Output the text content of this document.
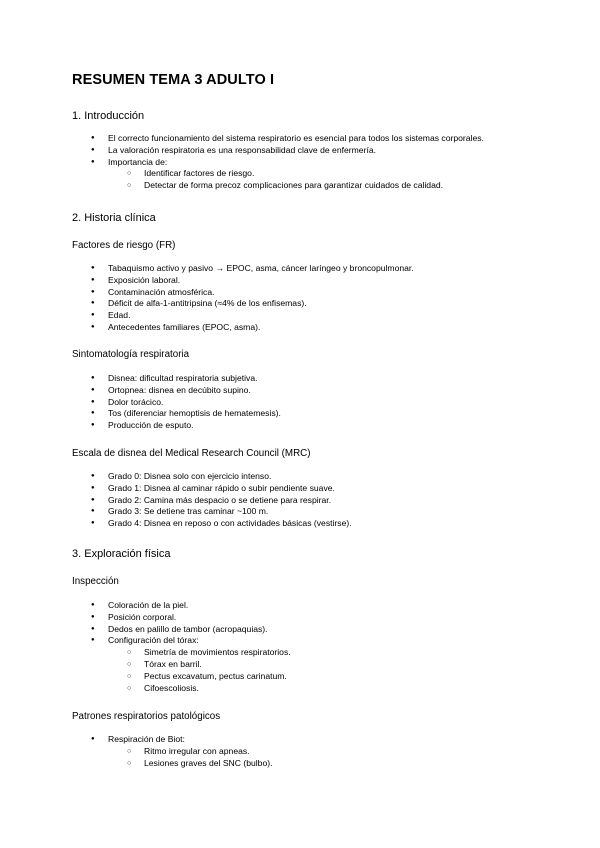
RESUMEN TEMA 3 ADULTO I
1. Introducción
● El correcto funcionamiento del sistema respiratorio es esencial para todos los sistemas corporales.
● La valoración respiratoria es una responsabilidad clave de enfermería.
● Importancia de:
○ Identificar factores de riesgo.
○ Detectar de forma precoz complicaciones para garantizar cuidados de calidad.
2. Historia clínica
Factores de riesgo (FR)
● Tabaquismo activo y pasivo → EPOC, asma, cáncer laríngeo y broncopulmonar.
● Exposición laboral.
● Contaminación atmosférica.
● Déficit de alfa-1-antitripsina (≈4% de los enfisemas).
● Edad.
● Antecedentes familiares (EPOC, asma).
Sintomatología respiratoria
● Disnea: dificultad respiratoria subjetiva.
● Ortopnea: disnea en decúbito supino.
● Dolor torácico.
● Tos (diferenciar hemoptisis de hematemesis).
● Producción de esputo.
Escala de disnea del Medical Research Council (MRC)
● Grado 0: Disnea solo con ejercicio intenso.
● Grado 1: Disnea al caminar rápido o subir pendiente suave.
● Grado 2: Camina más despacio o se detiene para respirar.
● Grado 3: Se detiene tras caminar ~100 m.
● Grado 4: Disnea en reposo o con actividades básicas (vestirse).
3. Exploración física
Inspección
● Coloración de la piel.
● Posición corporal.
● Dedos en palillo de tambor (acropaquias).
● Configuración del tórax:
○ Simetría de movimientos respiratorios.
○ Tórax en barril.
○ Pectus excavatum, pectus carinatum.
○ Cifoescoliosis.
Patrones respiratorios patológicos
● Respiración de Biot:
○ Ritmo irregular con apneas.
○ Lesiones graves del SNC (bulbo).
